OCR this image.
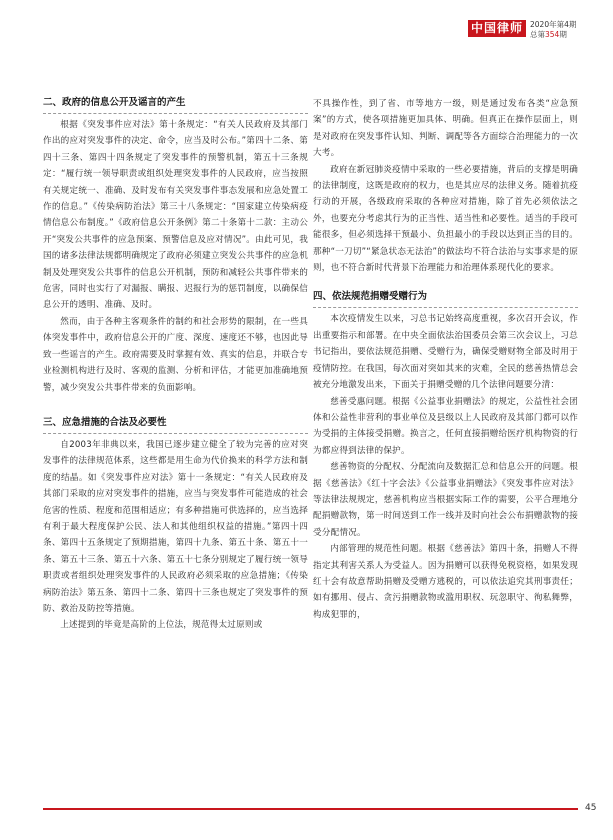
中国律师 2020年第4期
总第354期
二、政府的信息公开及谣言的产生

根据《突发事件应对法》第十条规定：“有关人民政府及其部门作出的应对突发事件的决定、命令，应当及时公布。”第四十二条、第四十三条、第四十四条规定了突发事件的预警机制，第五十三条规定：“履行统一领导职责或组织处理突发事件的人民政府，应当按照有关规定统一、准确、及时发布有关突发事件事态发展和应急处置工作的信息。”《传染病防治法》第三十八条规定：“国家建立传染病疫情信息公布制度。”《政府信息公开条例》第二十条第十二款：主动公开“突发公共事件的应急预案、预警信息及应对情况”。由此可见，我国的诸多法律法规都明确规定了政府必须建立突发公共事件的应急机制及处理突发公共事件的信息公开机制，预防和减轻公共事件带来的危害，同时也实行了对漏报、瞒报、迟报行为的惩罚制度，以确保信息公开的透明、准确、及时。

然而，由于各种主客观条件的制约和社会形势的限制，在一些具体突发事件中，政府信息公开的广度、深度、速度还不够，也因此导致一些谣言的产生。政府需要及时掌握有效、真实的信息，并联合专业检测机构进行及时、客观的监测、分析和评估，才能更加准确地预警，减少突发公共事件带来的负面影响。

三、应急措施的合法及必要性

自2003年非典以来，我国已逐步建立健全了较为完善的应对突发事件的法律规范体系，这些都是用生命为代价换来的科学方法和制度的结晶。如《突发事件应对法》第十一条规定：“有关人民政府及其部门采取的应对突发事件的措施，应当与突发事件可能造成的社会危害的性质、程度和范围相适应；有多种措施可供选择的，应当选择有利于最大程度保护公民、法人和其他组织权益的措施。”第四十四条、第四十五条规定了预期措施，第四十九条、第五十条、第五十一条、第五十三条、第五十六条、第五十七条分别规定了履行统一领导职责或者组织处理突发事件的人民政府必须采取的应急措施；《传染病防治法》第五条、第四十二条、第四十三条也规定了突发事件的预防、救治及防控等措施。

上述提到的毕竟是高阶的上位法，规范得太过原则或

不具操作性，到了省、市等地方一级，则是通过发布各类“应急预案”的方式，使各项措施更加具体、明确。但真正在操作层面上，则是对政府在突发事件认知、判断、调配等各方面综合治理能力的一次大考。

政府在新冠肺炎疫情中采取的一些必要措施，背后的支撑是明确的法律制度，这既是政府的权力，也是其应尽的法律义务。随着抗疫行动的开展，各级政府采取的各种应对措施，除了首先必须依法之外，也要充分考虑其行为的正当性、适当性和必要性。适当的手段可能很多，但必须选择干预最小、负担最小的手段以达到正当的目的。那种“一刀切”“紧急状态无法治”的做法均不符合法治与实事求是的原则，也不符合新时代背景下治理能力和治理体系现代化的要求。

四、依法规范捐赠受赠行为

本次疫情发生以来，习总书记始终高度重视，多次召开会议，作出重要指示和部署。在中央全面依法治国委员会第三次会议上，习总书记指出，要依法规范捐赠、受赠行为，确保受赠财物全部及时用于疫情防控。在我国，每次面对突如其来的灾难，全民的慈善热情总会被充分地激发出来，下面关于捐赠受赠的几个法律问题要分清：

慈善受惠问题。根据《公益事业捐赠法》的规定，公益性社会团体和公益性非营利的事业单位及县级以上人民政府及其部门都可以作为受捐的主体接受捐赠。换言之，任何直接捐赠给医疗机构物资的行为都应得到法律的保护。

慈善物资的分配权、分配流向及数据汇总和信息公开的问题。根据《慈善法》《红十字会法》《公益事业捐赠法》《突发事件应对法》等法律法规规定，慈善机构应当根据实际工作的需要，公平合理地分配捐赠款物，第一时间送到工作一线并及时向社会公布捐赠款物的接受分配情况。

内部管理的规范性问题。根据《慈善法》第四十条，捐赠人不得指定其利害关系人为受益人。因为捐赠可以获得免税资格，如果发现红十会有故意帮助捐赠及受赠方逃税的，可以依法追究其刑事责任；如有挪用、侵占、贪污捐赠款物或滥用职权、玩忽职守、徇私舞弊，构成犯罪的，

45
